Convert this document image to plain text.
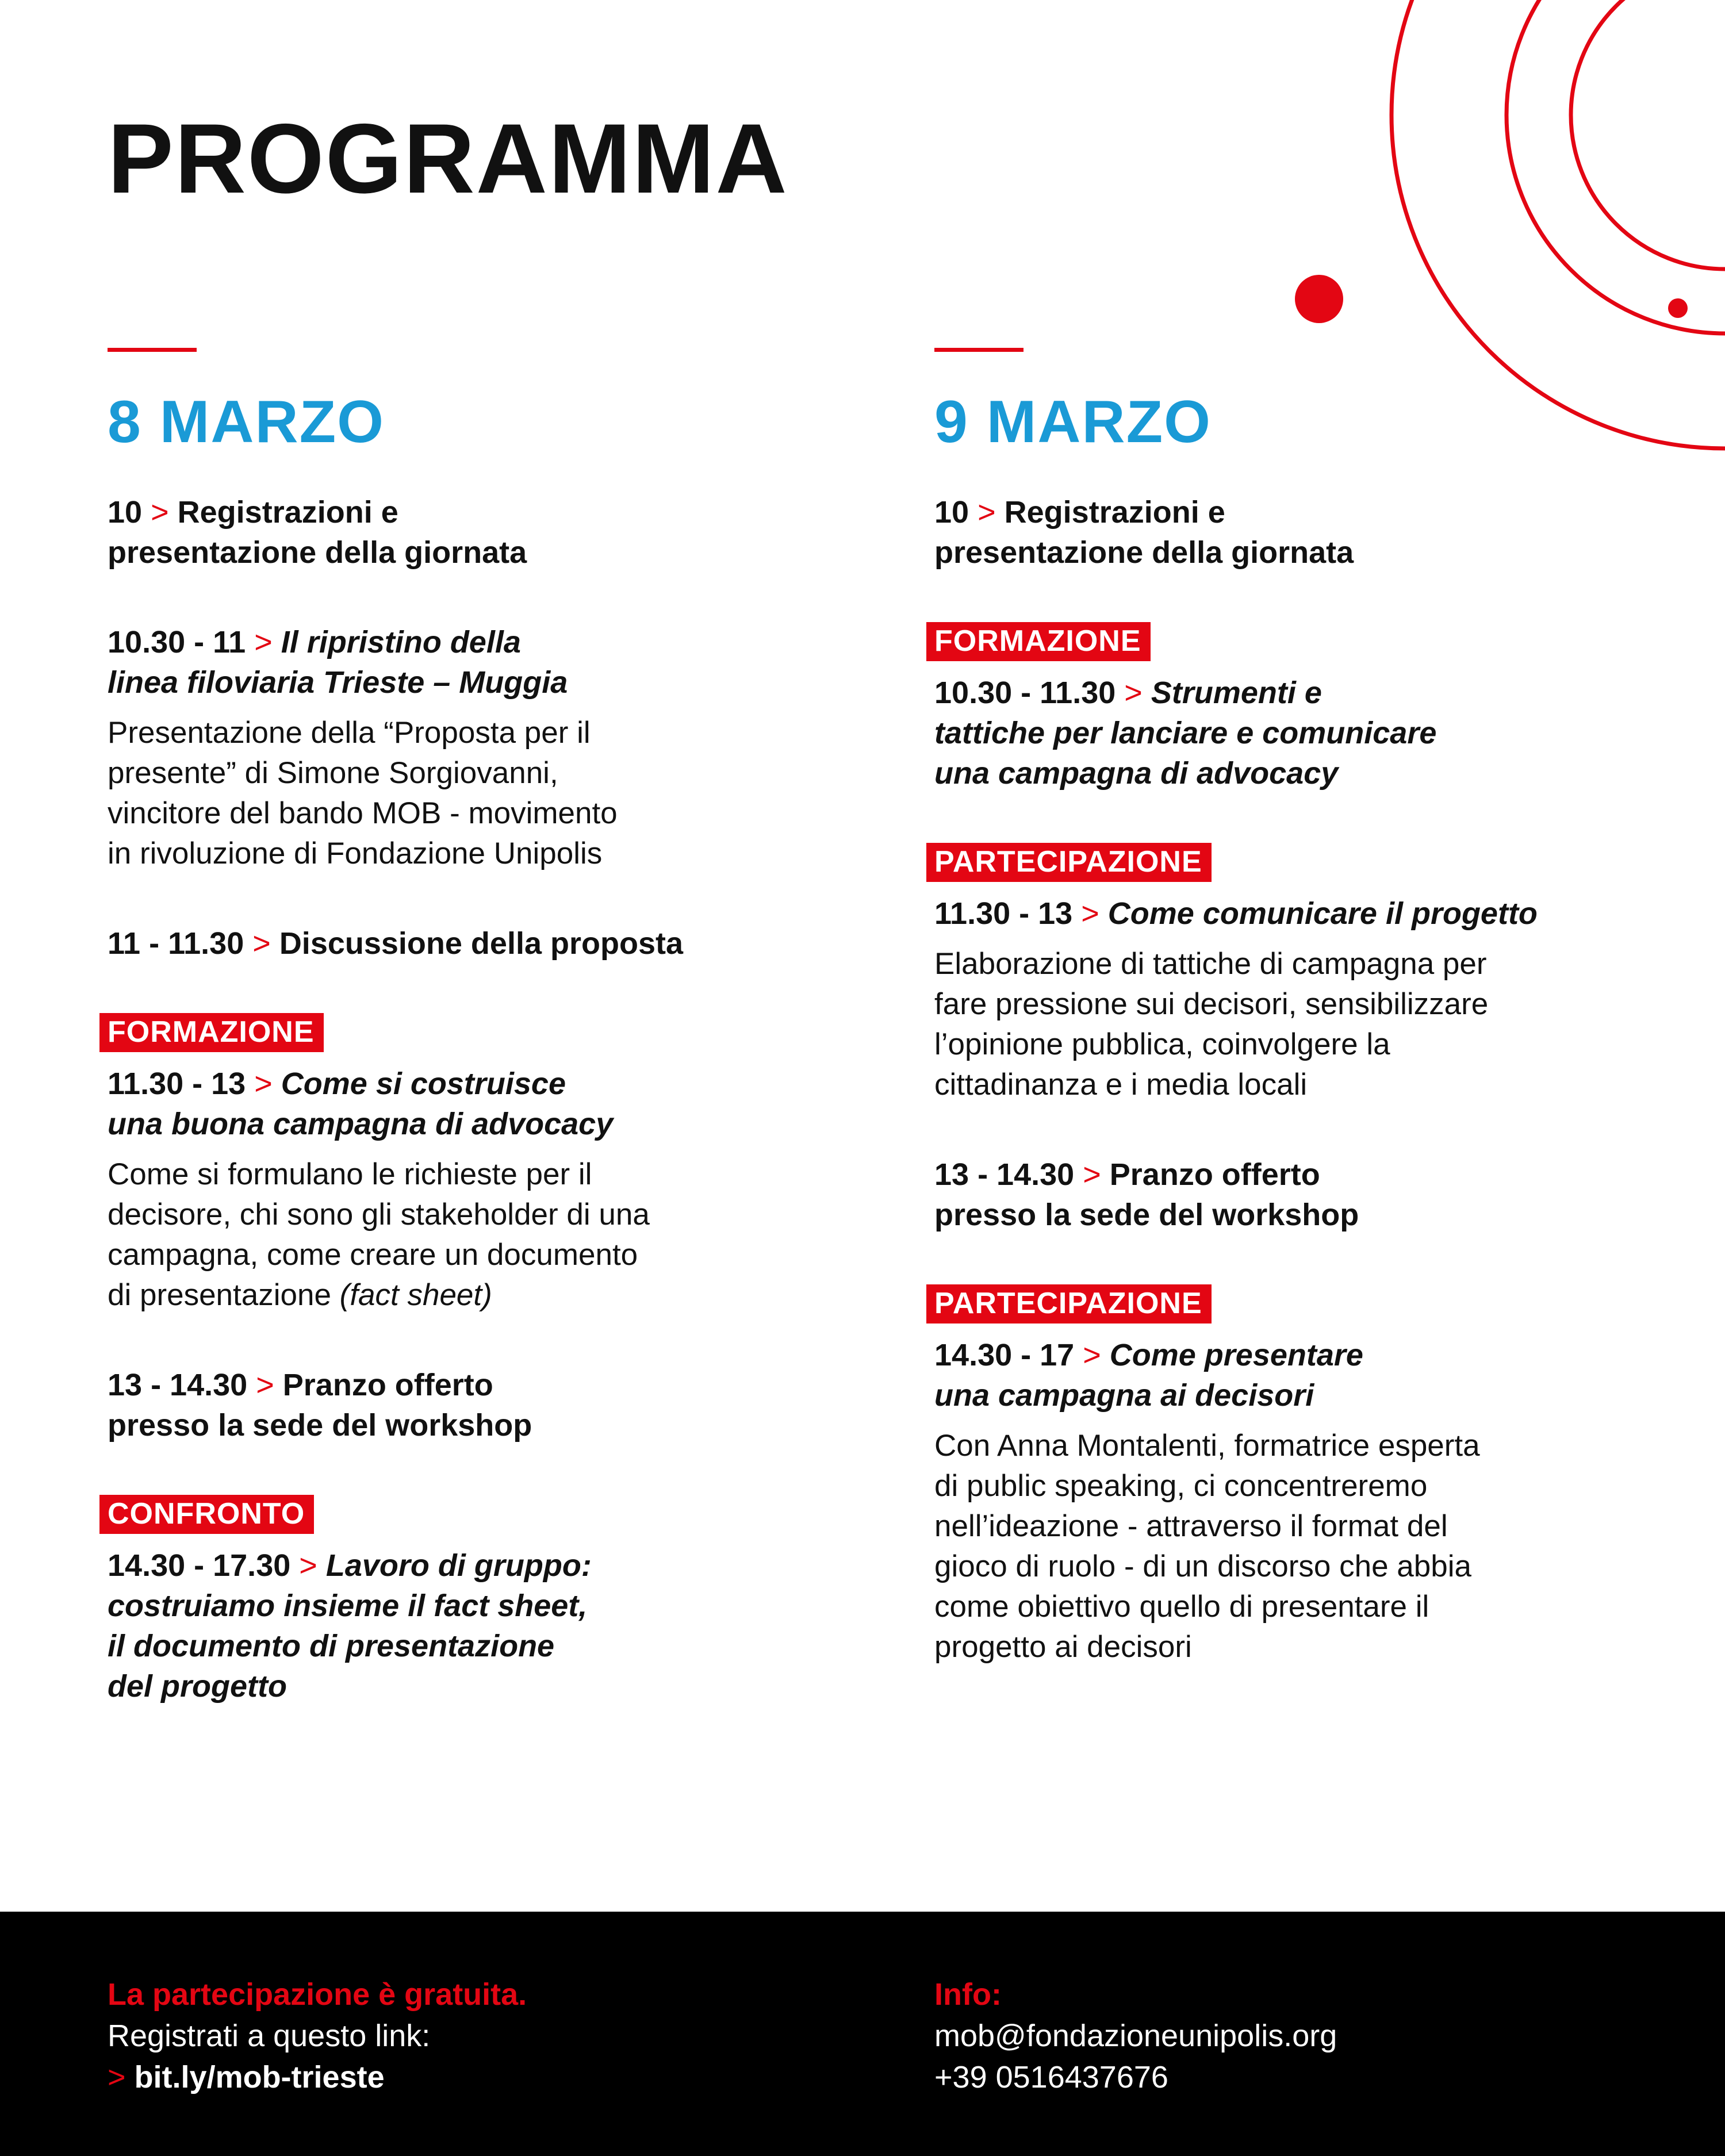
PROGRAMMA
8 MARZO
10 > Registrazioni e
presentazione della giornata
10.30 - 11 > Il ripristino della
linea filoviaria Trieste – Muggia
Presentazione della “Proposta per il
presente” di Simone Sorgiovanni,
vincitore del bando MOB - movimento
in rivoluzione di Fondazione Unipolis
11 - 11.30 > Discussione della proposta
FORMAZIONE
11.30 - 13 > Come si costruisce
una buona campagna di advocacy
Come si formulano le richieste per il
decisore, chi sono gli stakeholder di una
campagna, come creare un documento
di presentazione (fact sheet)
13 - 14.30 > Pranzo offerto
presso la sede del workshop
CONFRONTO
14.30 - 17.30 > Lavoro di gruppo:
costruiamo insieme il fact sheet,
il documento di presentazione
del progetto
9 MARZO
10 > Registrazioni e
presentazione della giornata
FORMAZIONE
10.30 - 11.30 > Strumenti e
tattiche per lanciare e comunicare
una campagna di advocacy
PARTECIPAZIONE
11.30 - 13 > Come comunicare il progetto
Elaborazione di tattiche di campagna per
fare pressione sui decisori, sensibilizzare
l’opinione pubblica, coinvolgere la
cittadinanza e i media locali
13 - 14.30 > Pranzo offerto
presso la sede del workshop
PARTECIPAZIONE
14.30 - 17 > Come presentare
una campagna ai decisori
Con Anna Montalenti, formatrice esperta
di public speaking, ci concentreremo
nell’ideazione - attraverso il format del
gioco di ruolo - di un discorso che abbia
come obiettivo quello di presentare il
progetto ai decisori
La partecipazione è gratuita.
Registrati a questo link:
> bit.ly/mob-trieste
Info:
mob@fondazioneunipolis.org
+39 0516437676
